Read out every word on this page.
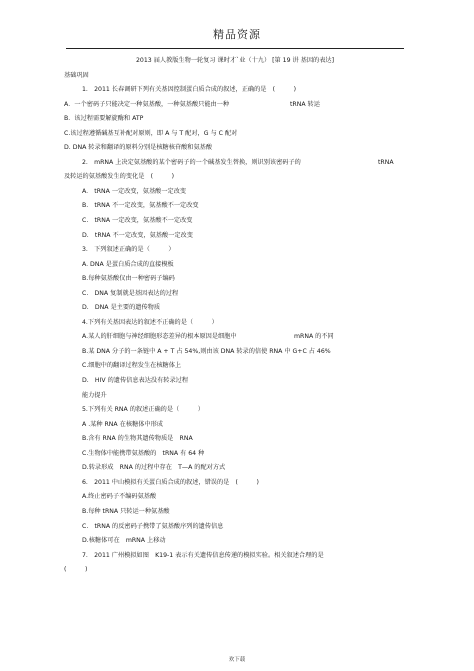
精品资源
2013 届人教版生物一轮复习 课时才`业（十九） [第 19 讲 基因的表达]
基础巩固
1.　2011 长春调研下列有关基因控制蛋白质合成的叙述，正确的是　(　　　)
A．一个密码子只能决定一种氨基酸，一种氨基酸只能由一种	tRNA 转运
B．该过程需要解旋酶和 ATP
C.该过程遵循碱基互补配对原则，即 A 与 T 配对，G 与 C 配对
D. DNA 转录和翻译的原料分别是核糖核苷酸和氨基酸
2.　mRNA 上决定氨基酸的某个密码子的一个碱基发生替换，则识别该密码子的	tRNA
及转运的氨基酸发生的变化是　(　　　)
A.　tRNA 一定改变，氨基酸一定改变
B.　tRNA 不一定改变，氨基酸不一定改变
C.　tRNA 一定改变，氨基酸不一定改变
D.　tRNA 不一定改变，氨基酸一定改变
3.　下列叙述正确的是（　　　）
A. DNA 是蛋白质合成的直接模板
B.每种氨基酸仅由一种密码子编码
C.　DNA 复制就是基因表达的过程
D.　DNA 是主要的遗传物质
4.下列有关基因表达的叙述不正确的是（　　　）
A.某人的肝细胞与神经细胞形态差异的根本原因是细胞中	mRNA 的不同
B.某 DNA 分子的一条链中 A + T 占 54%,则由该 DNA 转录的信使 RNA 中 G+C 占 46%
C.细胞中的翻译过程发生在核糖体上
D.　HIV 的遗传信息表达没有转录过程
能力提升
5.下列有关 RNA 的叙述正确的是（　　　）
A .某种 RNA 在核糖体中形成
B.含有 RNA 的生物其遗传物质是　RNA
C.生物体中能携带氨基酸的　tRNA 有 64 种
D.转录形成　RNA 的过程中存在　T—A 的配对方式
6.　2011 中山模拟有关蛋白质合成的叙述，错误的是　(　　　)
A.终止密码子不编码氨基酸
B.每种 tRNA 只转运一种氨基酸
C.　tRNA 的反密码子携带了氨基酸序列的遗传信息
D.核糖体可在　mRNA 上移动
7.　2011 广州模拟如图　K19-1 表示有关遗传信息传递的模拟实验。相关叙述合理的是
(　　　)
欢下载
